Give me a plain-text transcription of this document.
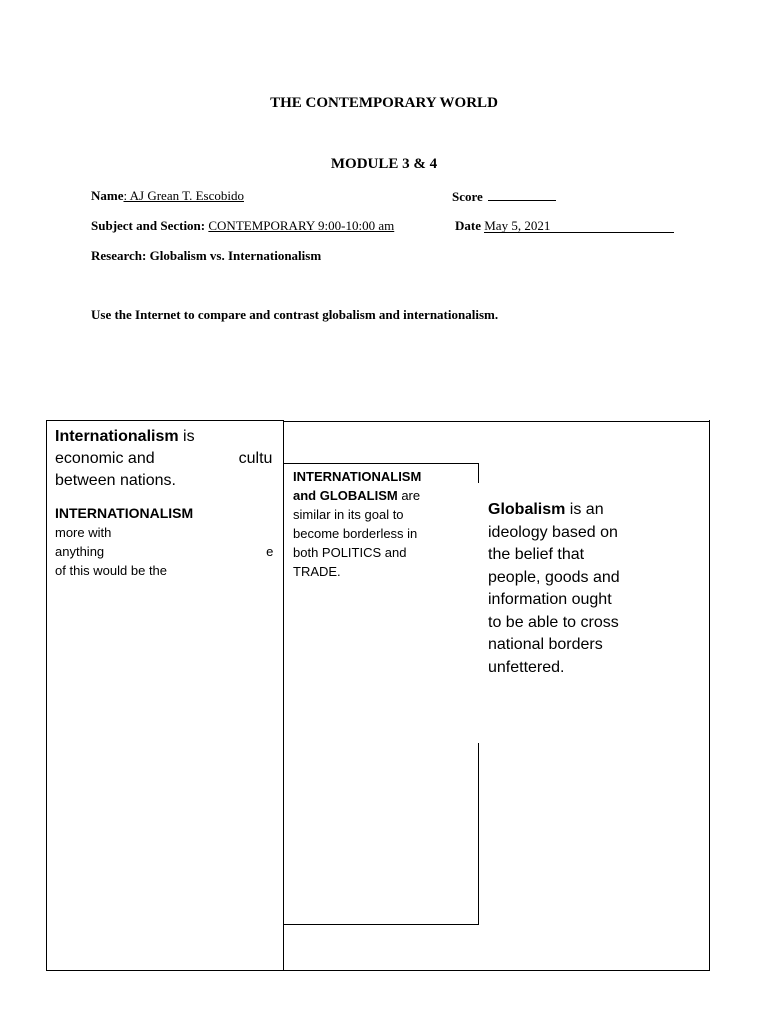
THE CONTEMPORARY WORLD
MODULE 3 & 4
Name: AJ Grean T. Escobido	Score
Subject and Section: CONTEMPORARY 9:00-10:00 am	Date May 5, 2021
Research: Globalism vs. Internationalism
Use the Internet to compare and contrast globalism and internationalism.
Internationalism is
economic and	cultu
between nations.
INTERNATIONALISM
more with
anything	e
of this would be the
INTERNATIONALISM
and GLOBALISM are
similar in its goal to
become borderless in
both POLITICS and
TRADE.
Globalism is an
ideology based on
the belief that
people, goods and
information ought
to be able to cross
national borders
unfettered.
